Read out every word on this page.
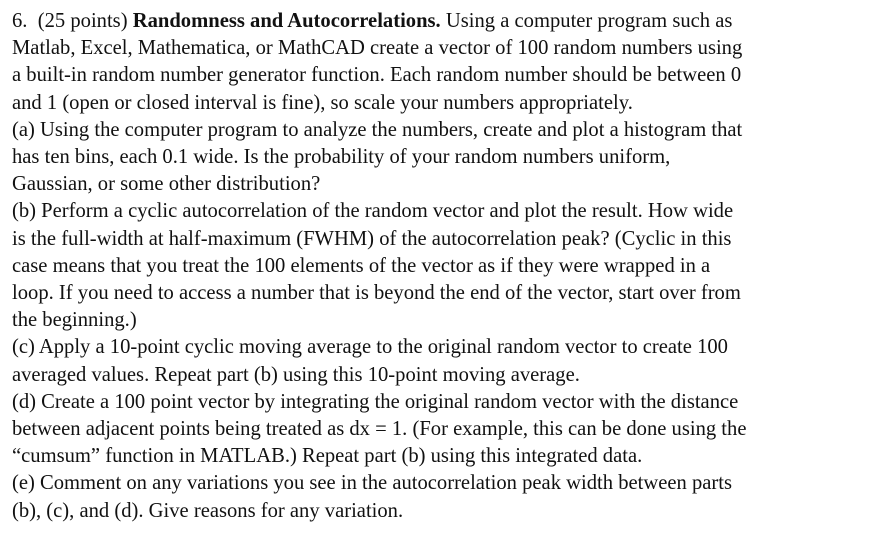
6. (25 points) Randomness and Autocorrelations. Using a computer program such as
Matlab, Excel, Mathematica, or MathCAD create a vector of 100 random numbers using
a built-in random number generator function. Each random number should be between 0
and 1 (open or closed interval is fine), so scale your numbers appropriately.
(a) Using the computer program to analyze the numbers, create and plot a histogram that
has ten bins, each 0.1 wide. Is the probability of your random numbers uniform,
Gaussian, or some other distribution?
(b) Perform a cyclic autocorrelation of the random vector and plot the result. How wide
is the full-width at half-maximum (FWHM) of the autocorrelation peak? (Cyclic in this
case means that you treat the 100 elements of the vector as if they were wrapped in a
loop. If you need to access a number that is beyond the end of the vector, start over from
the beginning.)
(c) Apply a 10-point cyclic moving average to the original random vector to create 100
averaged values. Repeat part (b) using this 10-point moving average.
(d) Create a 100 point vector by integrating the original random vector with the distance
between adjacent points being treated as dx = 1. (For example, this can be done using the
“cumsum” function in MATLAB.) Repeat part (b) using this integrated data.
(e) Comment on any variations you see in the autocorrelation peak width between parts
(b), (c), and (d). Give reasons for any variation.
